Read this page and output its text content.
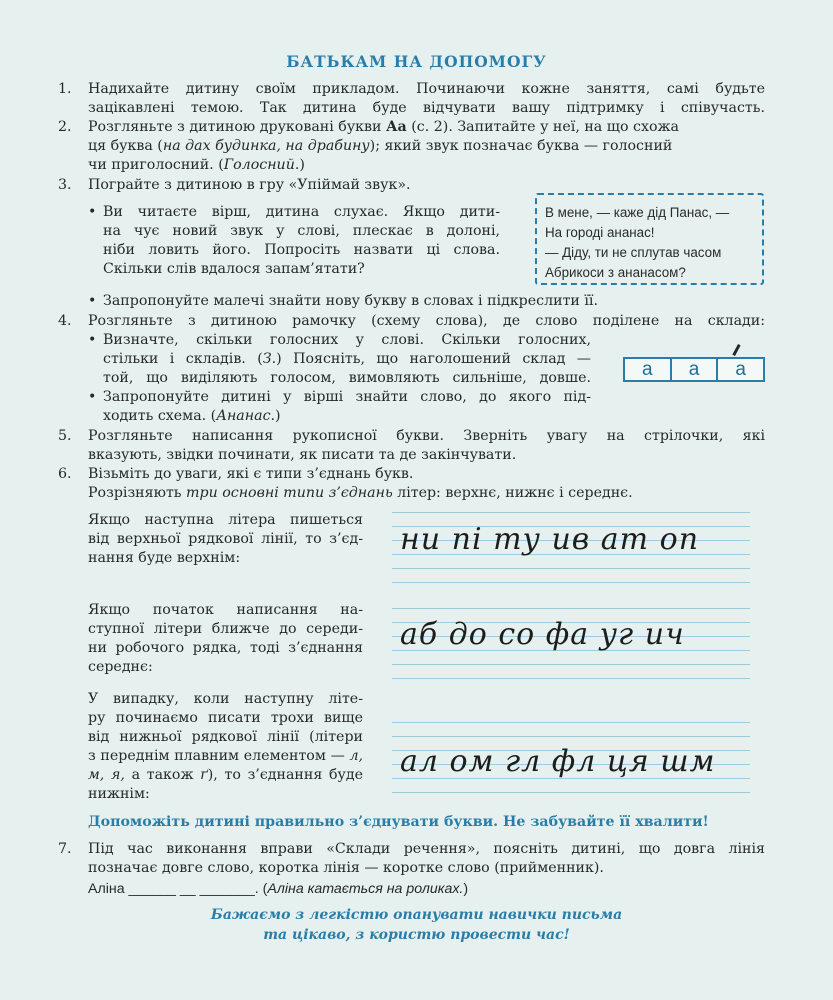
БАТЬКАМ НА ДОПОМОГУ
1. Надихайте дитину своїм прикладом. Починаючи кожне заняття, самі будьте
зацікавлені темою. Так дитина буде відчувати вашу підтримку і співучасть.
2. Розгляньте з дитиною друковані букви Аа (с. 2). Запитайте у неї, на що схожа
ця буква (на дах будинка, на драбину); який звук позначає буква — голосний
чи приголосний. (Голосний.)
3. Пограйте з дитиною в гру «Упіймай звук».
• Ви читаєте вірш, дитина слухає. Якщо дити-
на чує новий звук у слові, плескає в долоні,
ніби ловить його. Попросіть назвати ці слова.
Скільки слів вдалося запам’ятати?
В мене, — каже дід Панас, —
На городі ананас!
— Діду, ти не сплутав часом
Абрикоси з ананасом?
• Запропонуйте малечі знайти нову букву в словах і підкреслити її.
4. Розгляньте з дитиною рамочку (схему слова), де слово поділене на склади:
• Визначте, скільки голосних у слові. Скільки голосних,
стільки і складів. (З.) Поясніть, що наголошений склад —
той, що виділяють голосом, вимовляють сильніше, довше.	а	а	а
• Запропонуйте дитині у вірші знайти слово, до якого під-
ходить схема. (Ананас.)
5. Розгляньте написання рукописної букви. Зверніть увагу на стрілочки, які
вказують, звідки починати, як писати та де закінчувати.
6. Візьміть до уваги, які є типи з’єднань букв.
Розрізняють три основні типи з’єднань літер: верхнє, нижнє і середнє.
Якщо наступна літера пишеться
від верхньої рядкової лінії, то з’єд-
нання буде верхнім:
Якщо початок написання на-
ступної літери ближче до середи-
ни робочого рядка, тоді з’єднання
середнє:
У випадку, коли наступну літе-
ру починаємо писати трохи вище
від нижньої рядкової лінії (літери
з переднім плавним елементом — л,
м, я, а також ґ), то з’єднання буде
нижнім:
ни пі ту ив ат оп
аб до со фа уг ич
ал ом гл фл ця шм
Допоможіть дитині правильно з’єднувати букви. Не забувайте її хвалити!
7. Під час виконання вправи «Склади речення», поясніть дитині, що довга лінія
позначає довге слово, коротка лінія — коротке слово (прийменник).
Аліна ______ __ _______. (Аліна катається на роликах.)
Бажаємо з легкістю опанувати навички письма
та цікаво, з користю провести час!
